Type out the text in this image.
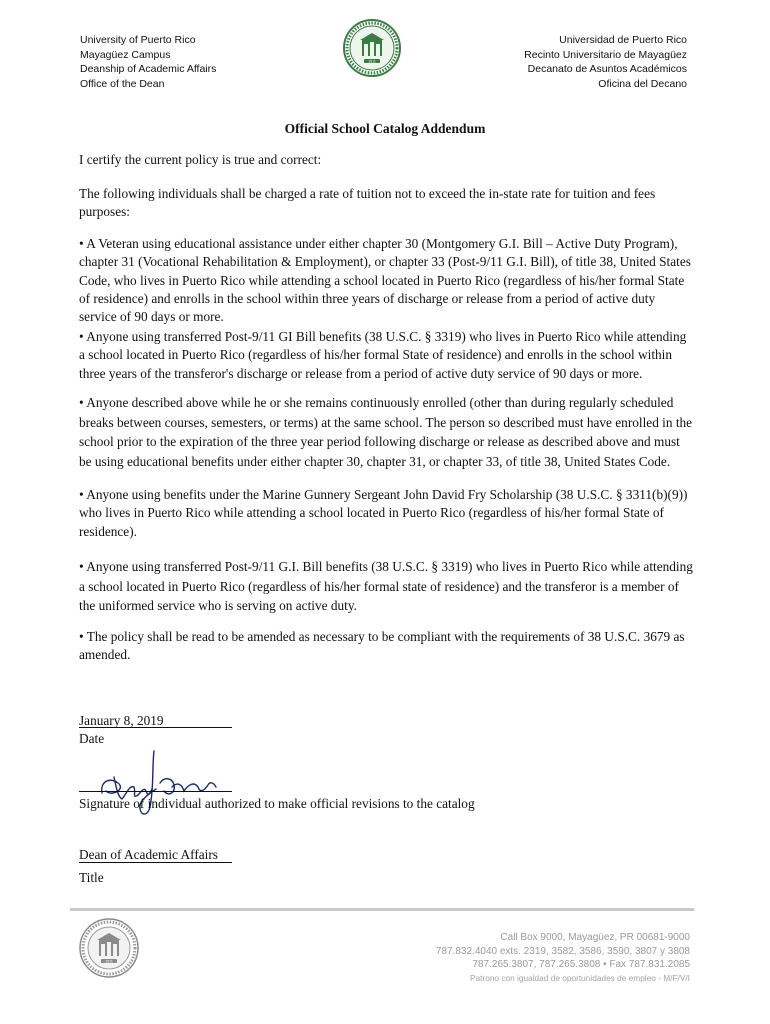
University of Puerto Rico
Mayagüez Campus
Deanship of Academic Affairs
Office of the Dean
1911
Universidad de Puerto Rico
Recinto Universitario de Mayagüez
Decanato de Asuntos Académicos
Oficina del Decano
Official School Catalog Addendum

I certify the current policy is true and correct:

The following individuals shall be charged a rate of tuition not to exceed the in-state rate for tuition and fees purposes:

• A Veteran using educational assistance under either chapter 30 (Montgomery G.I. Bill – Active Duty Program), chapter 31 (Vocational Rehabilitation & Employment), or chapter 33 (Post-9/11 G.I. Bill), of title 38, United States Code, who lives in Puerto Rico while attending a school located in Puerto Rico (regardless of his/her formal State of residence) and enrolls in the school within three years of discharge or release from a period of active duty service of 90 days or more.

• Anyone using transferred Post-9/11 GI Bill benefits (38 U.S.C. § 3319) who lives in Puerto Rico while attending a school located in Puerto Rico (regardless of his/her formal State of residence) and enrolls in the school within three years of the transferor's discharge or release from a period of active duty service of 90 days or more.

• Anyone described above while he or she remains continuously enrolled (other than during regularly scheduled breaks between courses, semesters, or terms) at the same school. The person so described must have enrolled in the school prior to the expiration of the three year period following discharge or release as described above and must be using educational benefits under either chapter 30, chapter 31, or chapter 33, of title 38, United States Code.

• Anyone using benefits under the Marine Gunnery Sergeant John David Fry Scholarship (38 U.S.C. § 3311(b)(9)) who lives in Puerto Rico while attending a school located in Puerto Rico (regardless of his/her formal State of residence).

• Anyone using transferred Post-9/11 G.I. Bill benefits (38 U.S.C. § 3319) who lives in Puerto Rico while attending a school located in Puerto Rico (regardless of his/her formal state of residence) and the transferor is a member of the uniformed service who is serving on active duty.

• The policy shall be read to be amended as necessary to be compliant with the requirements of 38 U.S.C. 3679 as amended.

January 8, 2019
Date
Signature of individual authorized to make official revisions to the catalog
Dean of Academic Affairs
Title
1911
Call Box 9000, Mayagüez, PR 00681-9000
787.832.4040 exts. 2319, 3582, 3586, 3590, 3807 y 3808
787.265.3807, 787.265.3808 • Fax 787.831.2085
Patrono con igualdad de oportunidades de empleo - M/F/V/I
